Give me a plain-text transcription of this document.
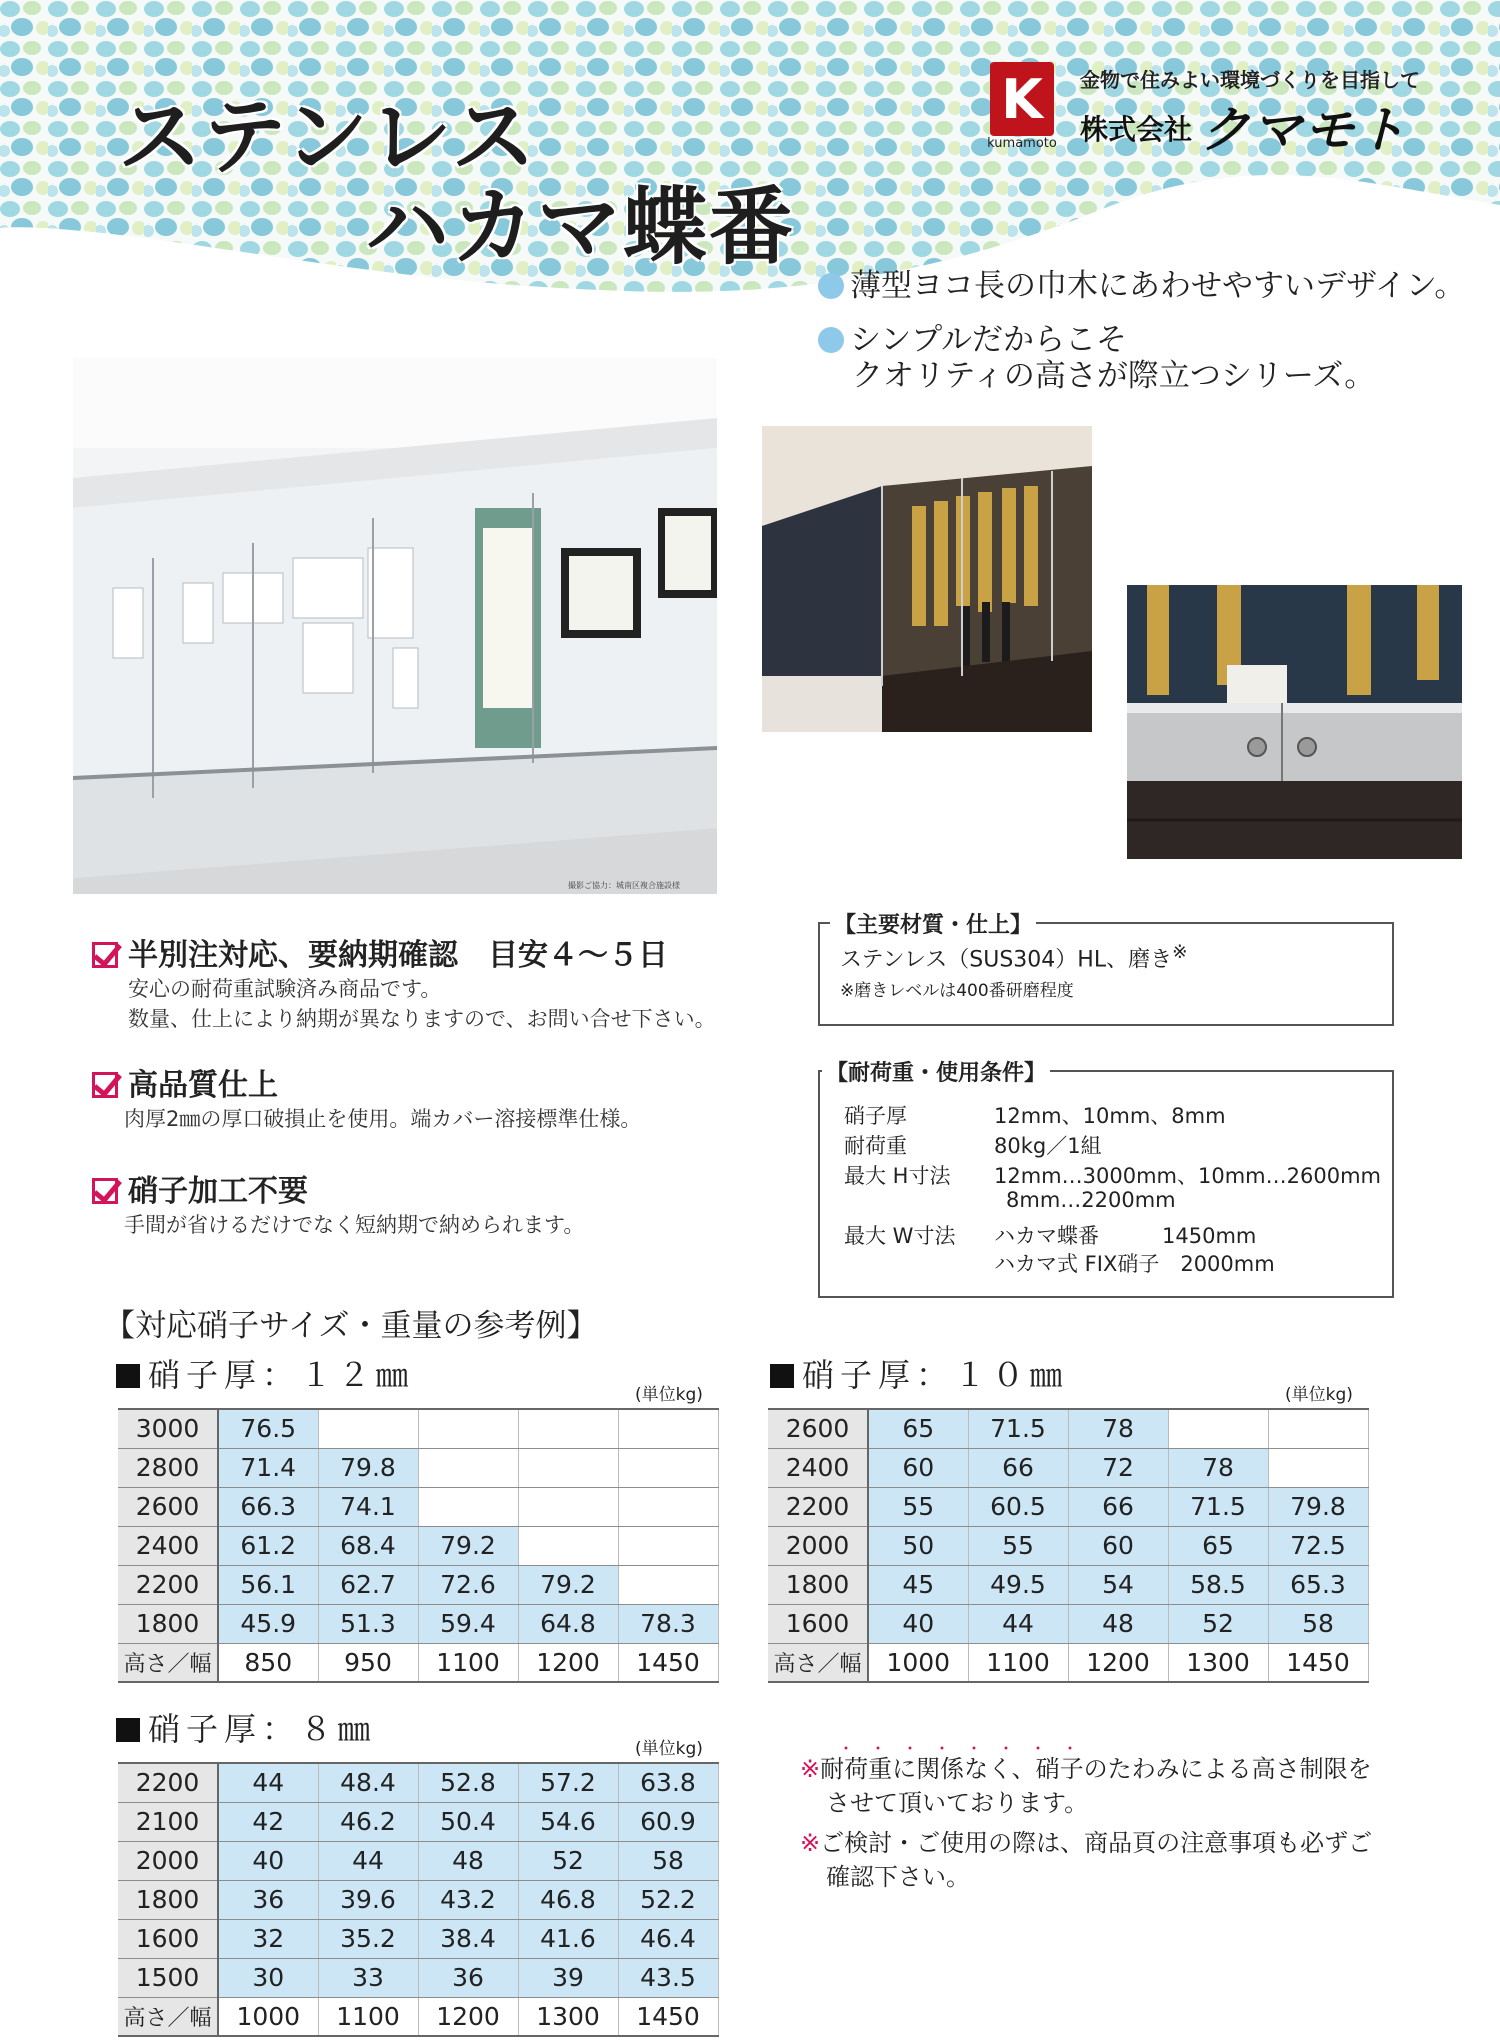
ステンレス
ハカマ蝶番
K
kumamoto
金物で住みよい環境づくりを目指して
株式会社 クマモト
薄型ヨコ長の巾木にあわせやすいデザイン。
シンプルだからこそ
クオリティの高さが際立つシリーズ。
撮影ご協力：城南区複合施設様
半別注対応、要納期確認　目安４～５日
安心の耐荷重試験済み商品です。
数量、仕上により納期が異なりますので、お問い合せ下さい。
高品質仕上
肉厚2㎜の厚口破損止を使用。端カバー溶接標準仕様。
硝子加工不要
手間が省けるだけでなく短納期で納められます。
【主要材質・仕上】
ステンレス（SUS304）HL、磨き※
※磨きレベルは400番研磨程度
【耐荷重・使用条件】
硝子厚	12mm、10mm、8mm
耐荷重	80kg／1組
最大 H寸法 12mm…3000mm、10mm…2600mm
8mm…2200mm
最大 W寸法 ハカマ蝶番　　　1450mm
ハカマ式 FIX硝子　2000mm
【対応硝子サイズ・重量の参考例】
硝子厚：１２㎜
(単位kg)
3000	76.5				
2800	71.4	79.8			
2600	66.3	74.1			
2400	61.2	68.4	79.2		
2200	56.1	62.7	72.6	79.2	
1800	45.9	51.3	59.4	64.8	78.3
高さ／幅	850	950	1100	1200	1450
硝子厚：１０㎜
(単位kg)
2600	65	71.5	78		
2400	60	66	72	78	
2200	55	60.5	66	71.5	79.8
2000	50	55	60	65	72.5
1800	45	49.5	54	58.5	65.3
1600	40	44	48	52	58
高さ／幅	1000	1100	1200	1300	1450
硝子厚：８㎜
(単位kg)
2200	44	48.4	52.8	57.2	63.8
2100	42	46.2	50.4	54.6	60.9
2000	40	44	48	52	58
1800	36	39.6	43.2	46.8	52.2
1600	32	35.2	38.4	41.6	46.4
1500	30	33	36	39	43.5
高さ／幅	1000	1100	1200	1300	1450
・・・・・・・・
※耐荷重に関係なく、硝子のたわみによる高さ制限を
させて頂いております。
※ご検討・ご使用の際は、商品頁の注意事項も必ずご
確認下さい。
